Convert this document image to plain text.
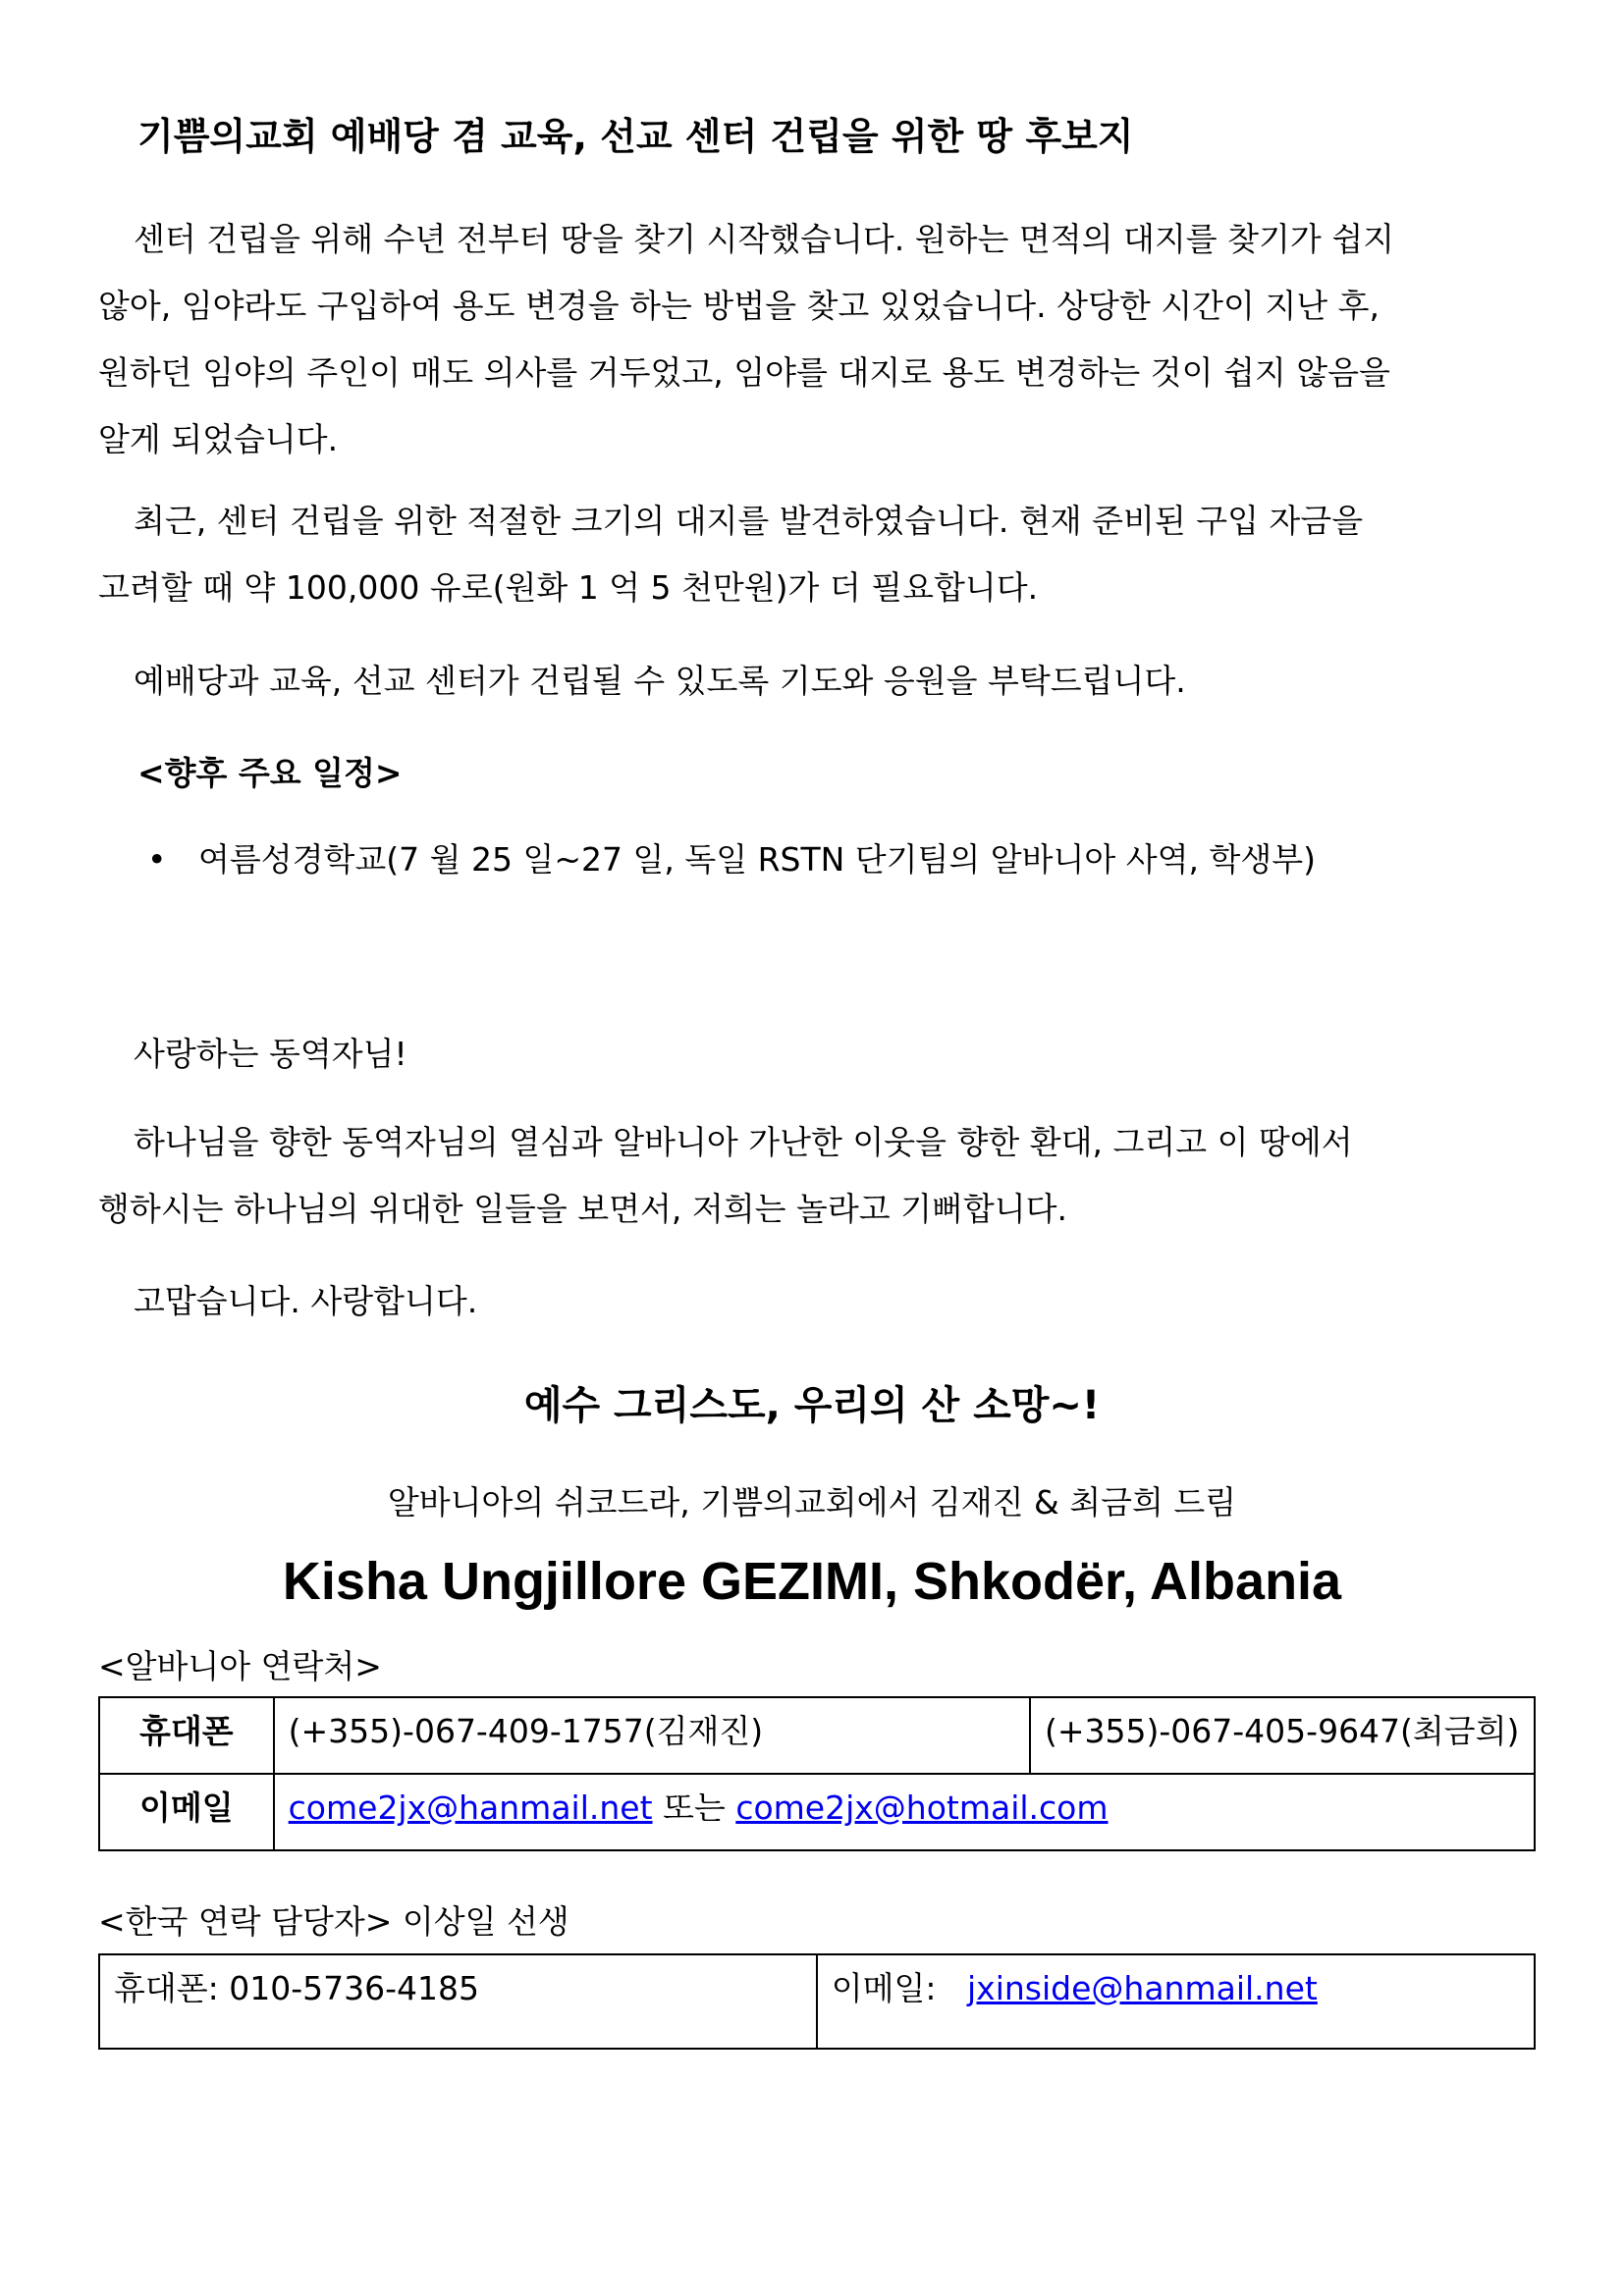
기쁨의교회 예배당 겸 교육, 선교 센터 건립을 위한 땅 후보지

센터 건립을 위해 수년 전부터 땅을 찾기 시작했습니다. 원하는 면적의 대지를 찾기가 쉽지
않아, 임야라도 구입하여 용도 변경을 하는 방법을 찾고 있었습니다. 상당한 시간이 지난 후,
원하던 임야의 주인이 매도 의사를 거두었고, 임야를 대지로 용도 변경하는 것이 쉽지 않음을
알게 되었습니다.

최근, 센터 건립을 위한 적절한 크기의 대지를 발견하였습니다. 현재 준비된 구입 자금을
고려할 때 약 100,000 유로(원화 1 억 5 천만원)가 더 필요합니다.

예배당과 교육, 선교 센터가 건립될 수 있도록 기도와 응원을 부탁드립니다.

<향후 주요 일정>
• 여름성경학교(7 월 25 일~27 일, 독일 RSTN 단기팀의 알바니아 사역, 학생부)

사랑하는 동역자님!

하나님을 향한 동역자님의 열심과 알바니아 가난한 이웃을 향한 환대, 그리고 이 땅에서
행하시는 하나님의 위대한 일들을 보면서, 저희는 놀라고 기뻐합니다.

고맙습니다. 사랑합니다.

예수 그리스도, 우리의 산 소망~!
알바니아의 쉬코드라, 기쁨의교회에서 김재진 & 최금희 드림
Kisha Ungjillore GEZIMI, Shkodër, Albania
<알바니아 연락처>
휴대폰	(+355)-067-409-1757(김재진)	(+355)-067-405-9647(최금희)
이메일	come2jx@hanmail.net 또는 come2jx@hotmail.com	
<한국 연락 담당자> 이상일 선생
휴대폰: 010-5736-4185	이메일: jxinside@hanmail.net
